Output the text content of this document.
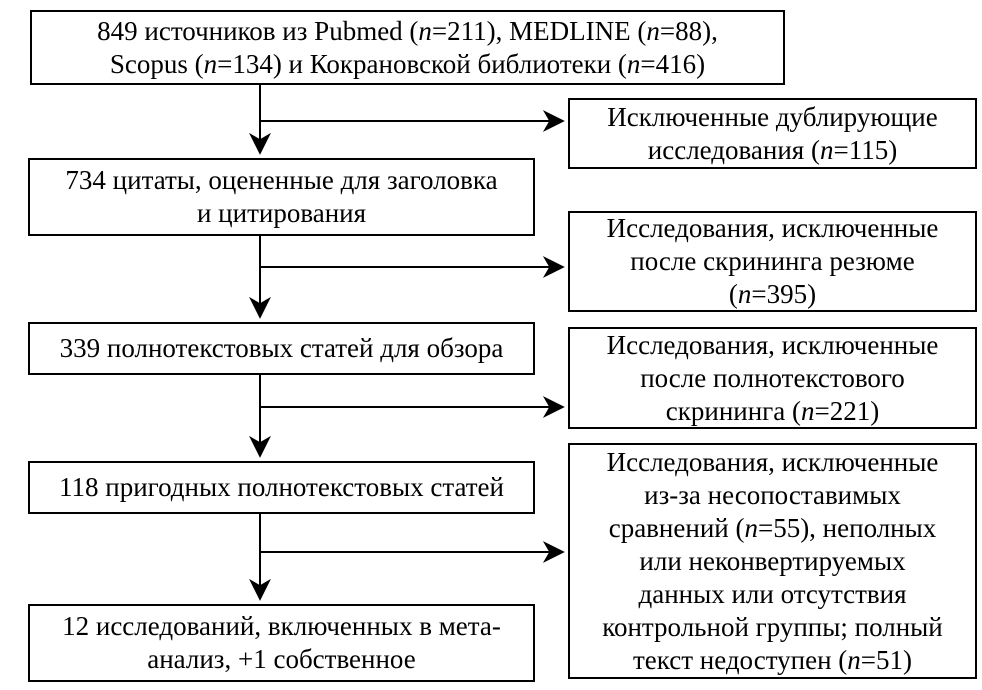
849 источников из Pubmed (n=211), MEDLINE (n=88),
Scopus (n=134) и Кокрановской библиотеки (n=416)
734 цитаты, оцененные для заголовка
и цитирования
339 полнотекстовых статей для обзора
118 пригодных полнотекстовых статей
12 исследований, включенных в мета-
анализ, +1 собственное
Исключенные дублирующие
исследования (n=115)
Исследования, исключенные
после скрининга резюме
(n=395)
Исследования, исключенные
после полнотекстового
скрининга (n=221)
Исследования, исключенные
из-за несопоставимых
сравнений (n=55), неполных
или неконвертируемых
данных или отсутствия
контрольной группы; полный
текст недоступен (n=51)
